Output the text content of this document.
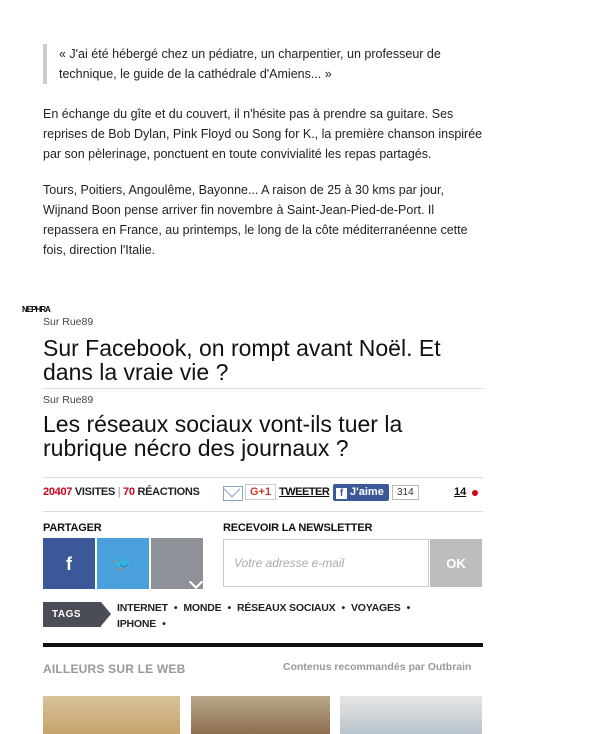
« J'ai été hébergé chez un pédiatre, un charpentier, un professeur de technique, le guide de la cathédrale d'Amiens... »

En échange du gîte et du couvert, il n'hésite pas à prendre sa guitare. Ses reprises de Bob Dylan, Pink Floyd ou Song for K., la première chanson inspirée par son pèlerinage, ponctuent en toute convivialité les repas partagés.

Tours, Poitiers, Angoulême, Bayonne... A raison de 25 à 30 kms par jour, Wijnand Boon pense arriver fin novembre à Saint-Jean-Pied-de-Port. Il repassera en France, au printemps, le long de la côte méditerranéenne cette fois, direction l'Italie.

NEPHRA
Sur Rue89
Sur Facebook, on rompt avant Noël. Et dans la vraie vie ?
Sur Rue89
Les réseaux sociaux vont-ils tuer la rubrique nécro des journaux ?
20407 VISITES | 70 RÉACTIONS	G+1 TWEETER	f J'aime	314	14
PARTAGER	RECEVOIR LA NEWSLETTER
f	🐦
Votre adresse e-mail	OK
TAGS
INTERNET • MONDE • RÉSEAUX SOCIAUX • VOYAGES •
IPHONE •
AILLEURS SUR LE WEB	Contenus recommandés par Outbrain
